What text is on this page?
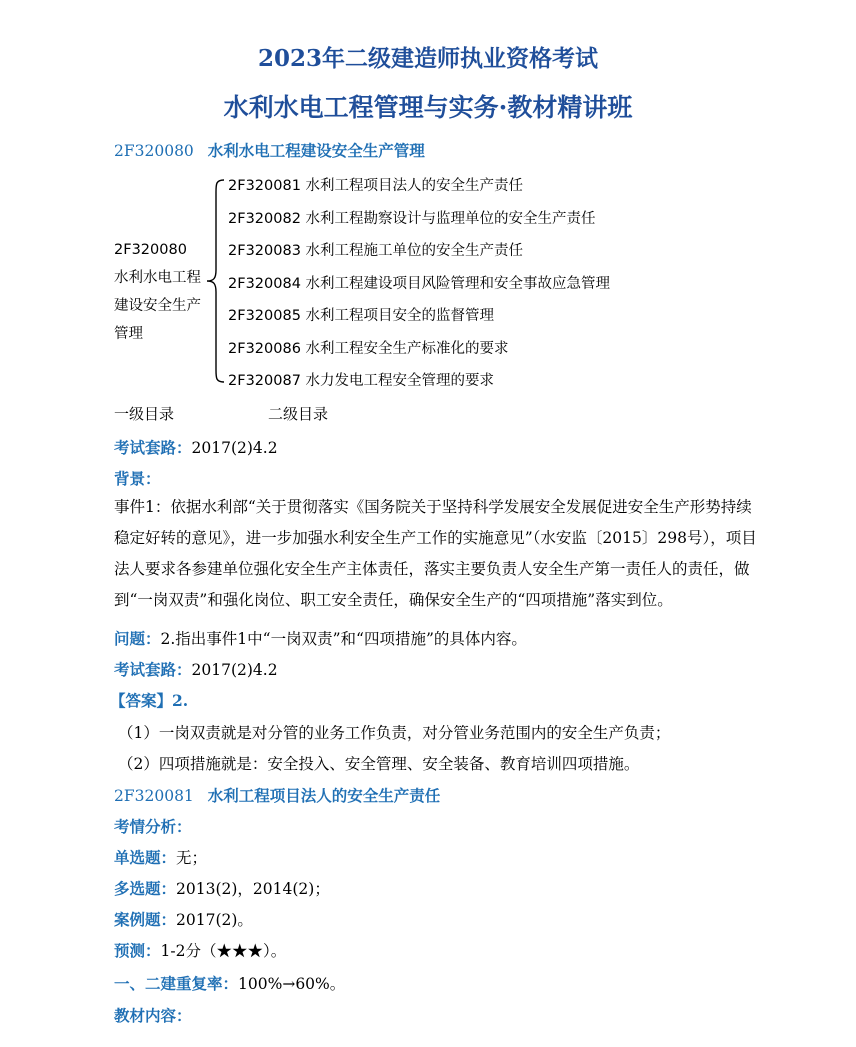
2023年二级建造师执业资格考试
水利水电工程管理与实务·教材精讲班
2F320080 水利水电工程建设安全生产管理
2F320080
水利水电工程
建设安全生产
管理
2F320081 水利工程项目法人的安全生产责任
2F320082 水利工程勘察设计与监理单位的安全生产责任
2F320083 水利工程施工单位的安全生产责任
2F320084 水利工程建设项目风险管理和安全事故应急管理
2F320085 水利工程项目安全的监督管理
2F320086 水利工程安全生产标准化的要求
2F320087 水力发电工程安全管理的要求
一级目录	二级目录
考试套路：2017(2)4.2
背景：
事件1：依据水利部“关于贯彻落实《国务院关于坚持科学发展安全发展促进安全生产形势持续稳定好转的意见》，进一步加强水利安全生产工作的实施意见”（水安监〔2015〕298号），项目法人要求各参建单位强化安全生产主体责任，落实主要负责人安全生产第一责任人的责任，做到“一岗双责”和强化岗位、职工安全责任，确保安全生产的“四项措施”落实到位。
问题：2.指出事件1中“一岗双责”和“四项措施”的具体内容。
考试套路：2017(2)4.2
【答案】2.
（1）一岗双责就是对分管的业务工作负责，对分管业务范围内的安全生产负责；
（2）四项措施就是：安全投入、安全管理、安全装备、教育培训四项措施。
2F320081 水利工程项目法人的安全生产责任
考情分析：
单选题：无；
多选题：2013(2)，2014(2)；
案例题：2017(2)。
预测：1-2分（★★★）。
一、二建重复率：100%→60%。
教材内容：
